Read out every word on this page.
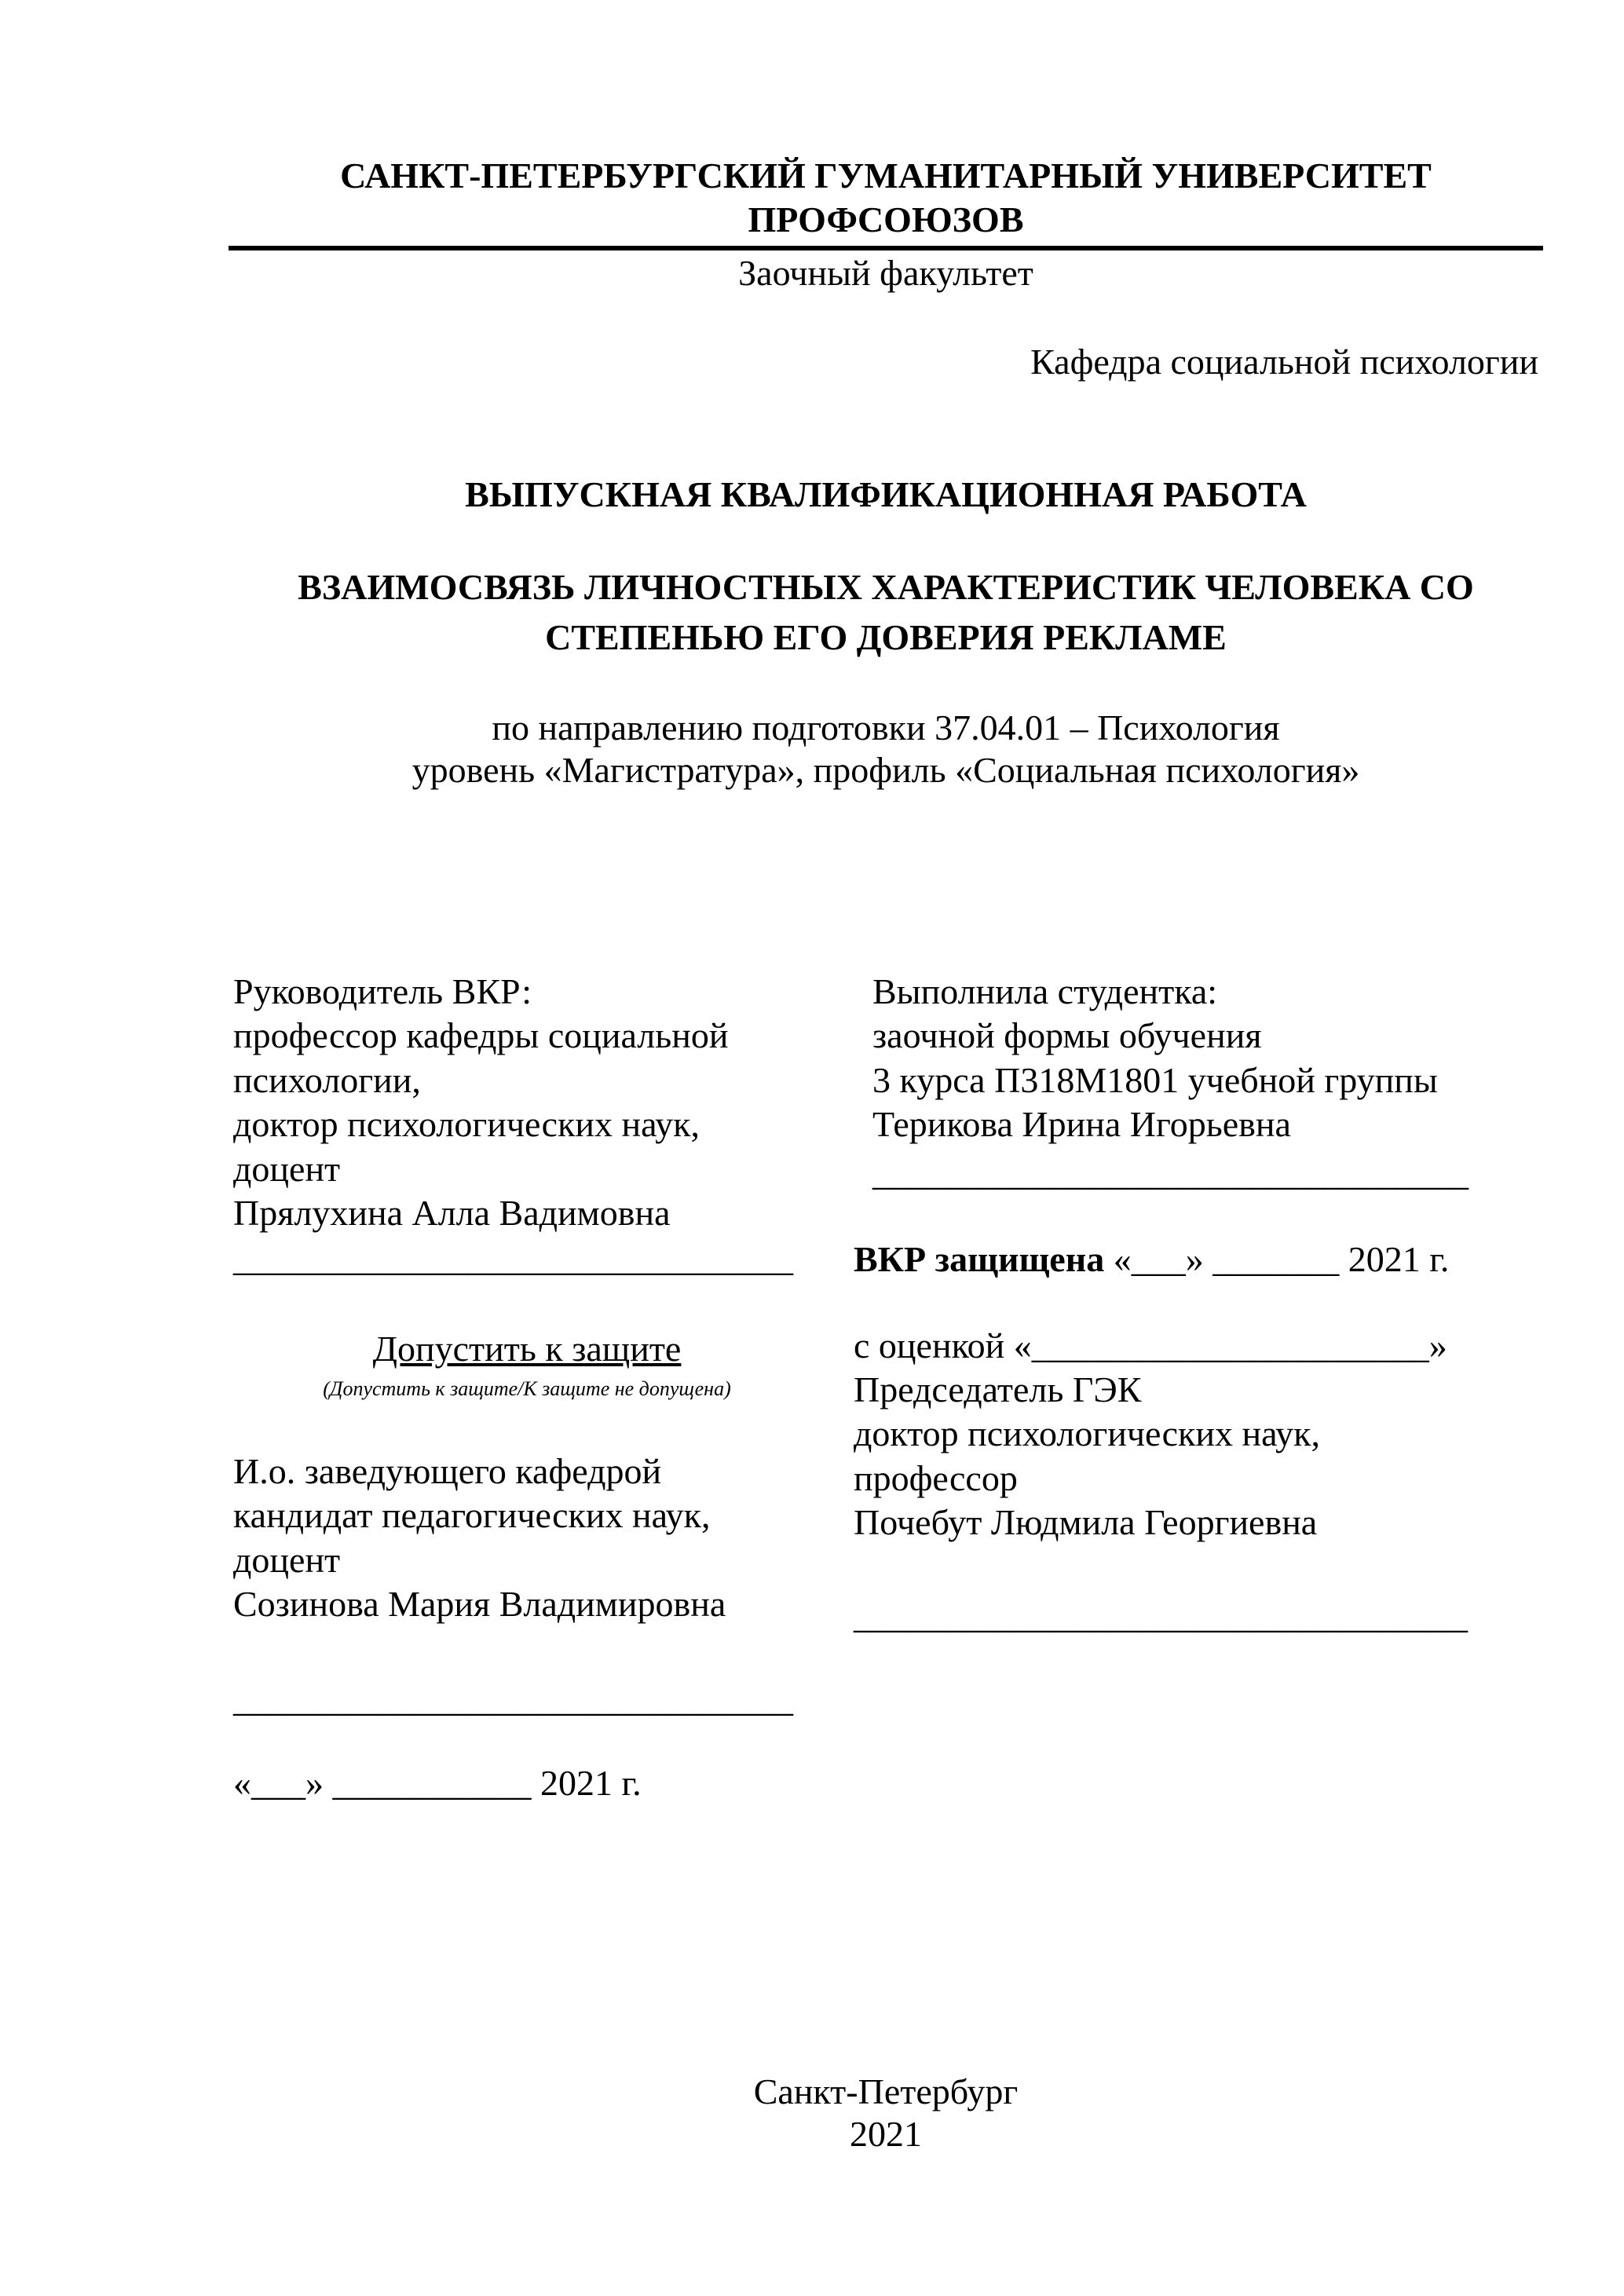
САНКТ-ПЕТЕРБУРГСКИЙ ГУМАНИТАРНЫЙ УНИВЕРСИТЕТ
ПРОФСОЮЗОВ
Заочный факультет
Кафедра социальной психологии
ВЫПУСКНАЯ КВАЛИФИКАЦИОННАЯ РАБОТА
ВЗАИМОСВЯЗЬ ЛИЧНОСТНЫХ ХАРАКТЕРИСТИК ЧЕЛОВЕКА СО
СТЕПЕНЬЮ ЕГО ДОВЕРИЯ РЕКЛАМЕ
по направлению подготовки 37.04.01 – Психология
уровень «Магистратура», профиль «Социальная психология»
Руководитель ВКР:
профессор кафедры социальной
психологии,
доктор психологических наук,
доцент
Прялухина Алла Вадимовна
_______________________________
Выполнила студентка:
заочной формы обучения
3 курса П318М1801 учебной группы
Терикова Ирина Игорьевна
_________________________________
ВКР защищена «___» _______ 2021 г.
с оценкой «______________________»
Председатель ГЭК
доктор психологических наук,
профессор
Почебут Людмила Георгиевна
__________________________________
Допустить к защите
(Допустить к защите/К защите не допущена)
И.о. заведующего кафедрой
кандидат педагогических наук,
доцент
Созинова Мария Владимировна
_______________________________
«___» ___________ 2021 г.
Санкт-Петербург
2021
